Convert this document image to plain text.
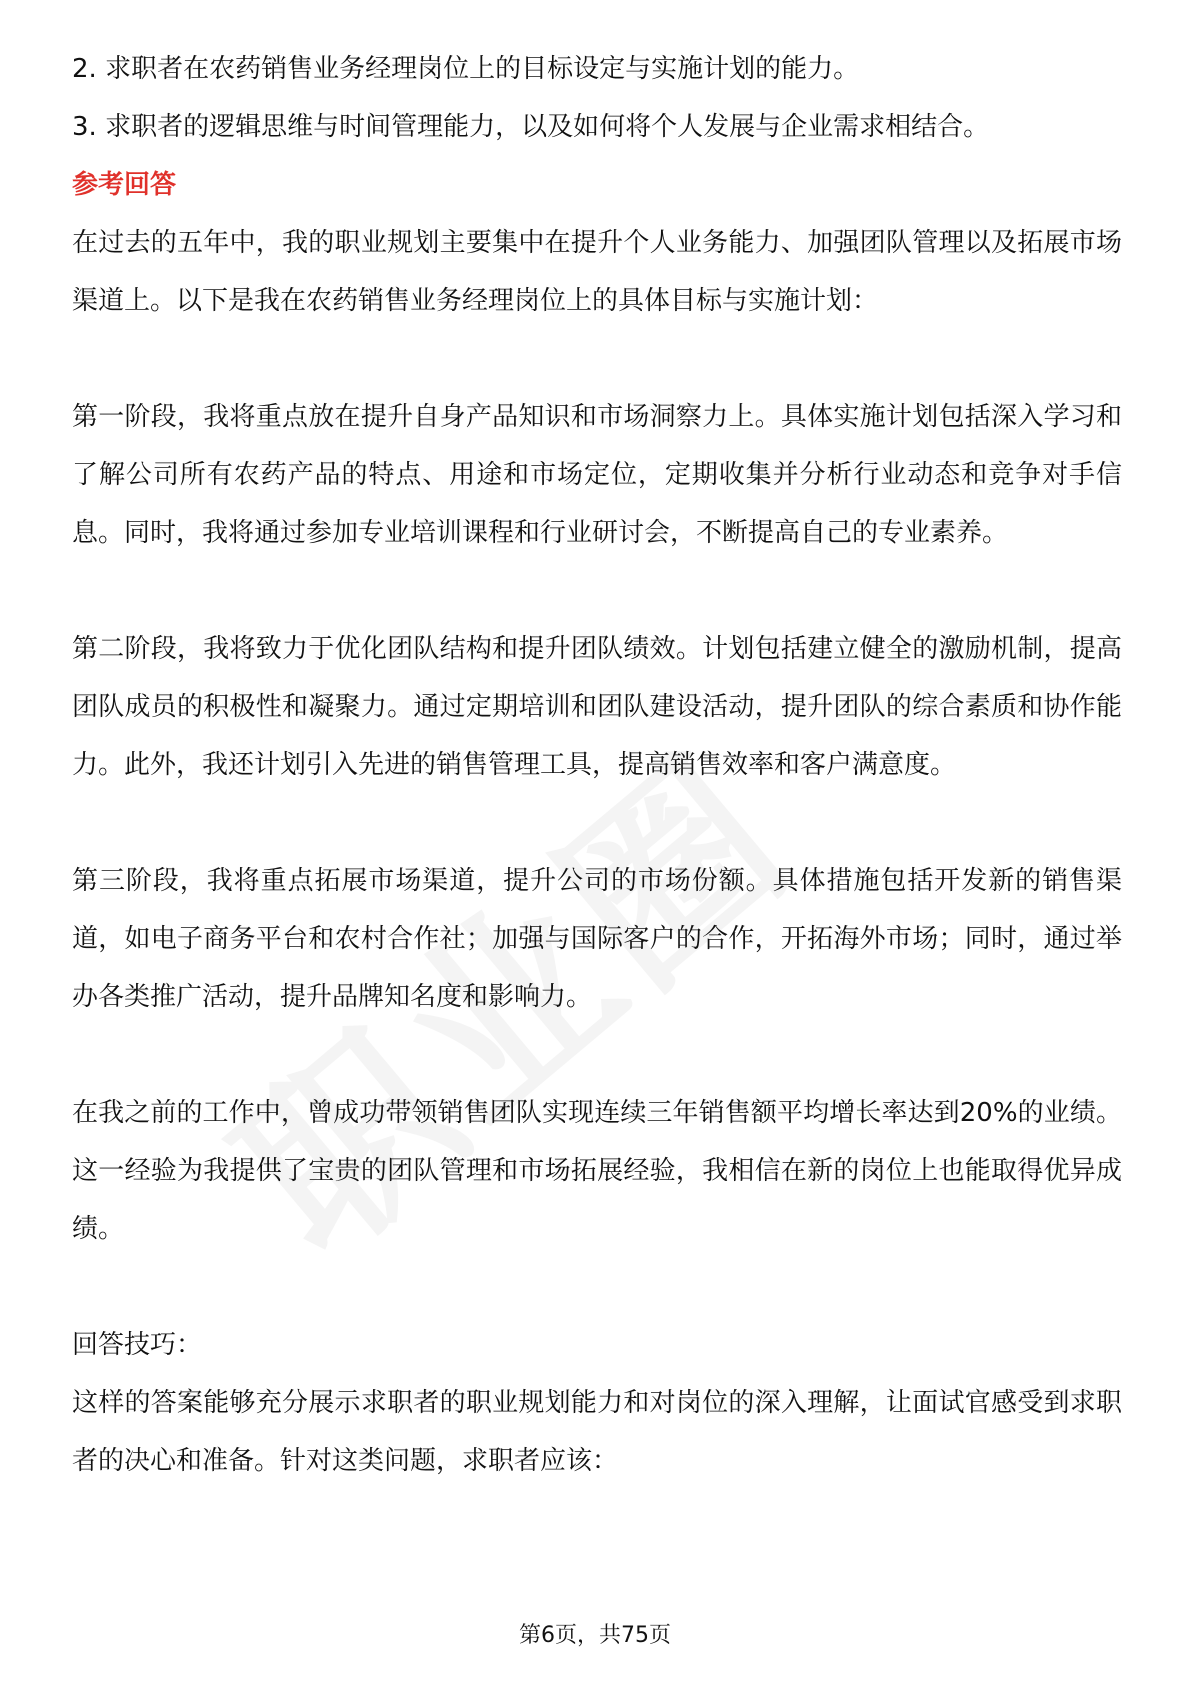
2. 求职者在农药销售业务经理岗位上的目标设定与实施计划的能力。

3. 求职者的逻辑思维与时间管理能力，以及如何将个人发展与企业需求相结合。

参考回答

在过去的五年中，我的职业规划主要集中在提升个人业务能力、加强团队管理以及拓展市场渠道上。以下是我在农药销售业务经理岗位上的具体目标与实施计划：

第一阶段，我将重点放在提升自身产品知识和市场洞察力上。具体实施计划包括深入学习和了解公司所有农药产品的特点、用途和市场定位，定期收集并分析行业动态和竞争对手信息。同时，我将通过参加专业培训课程和行业研讨会，不断提高自己的专业素养。

第二阶段，我将致力于优化团队结构和提升团队绩效。计划包括建立健全的激励机制，提高团队成员的积极性和凝聚力。通过定期培训和团队建设活动，提升团队的综合素质和协作能力。此外，我还计划引入先进的销售管理工具，提高销售效率和客户满意度。

第三阶段，我将重点拓展市场渠道，提升公司的市场份额。具体措施包括开发新的销售渠道，如电子商务平台和农村合作社；加强与国际客户的合作，开拓海外市场；同时，通过举办各类推广活动，提升品牌知名度和影响力。

在我之前的工作中，曾成功带领销售团队实现连续三年销售额平均增长率达到20%的业绩。这一经验为我提供了宝贵的团队管理和市场拓展经验，我相信在新的岗位上也能取得优异成绩。

回答技巧：

这样的答案能够充分展示求职者的职业规划能力和对岗位的深入理解，让面试官感受到求职者的决心和准备。针对这类问题，求职者应该：

第6页，共75页
